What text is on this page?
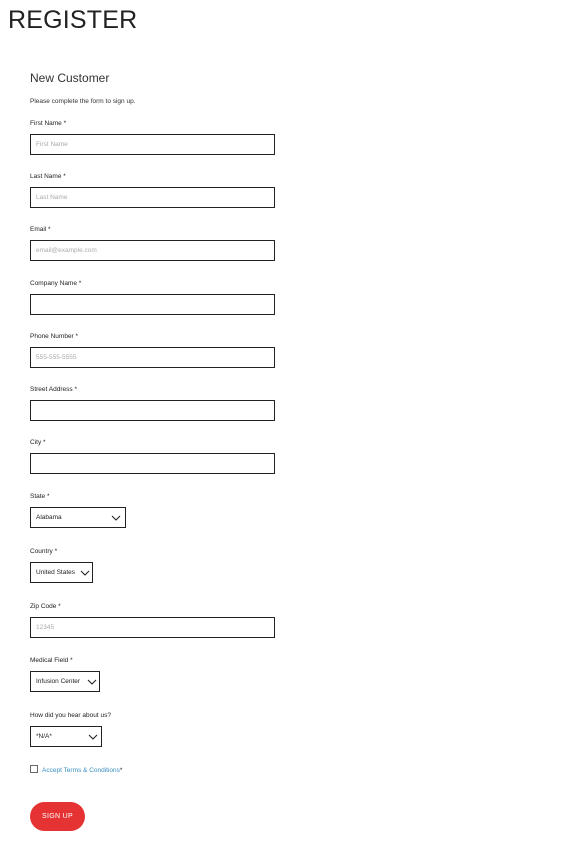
REGISTER
New Customer
Please complete the form to sign up.
First Name *
First Name
Last Name *
Last Name
Email *
email@example.com
Company Name *
Phone Number *
555-555-5555
Street Address *
City *
State *
Alabama
Country *
United States
Zip Code *
12345
Medical Field *
Infusion Center
How did you hear about us?
*N/A*
Accept Terms & Conditions*
SIGN UP
